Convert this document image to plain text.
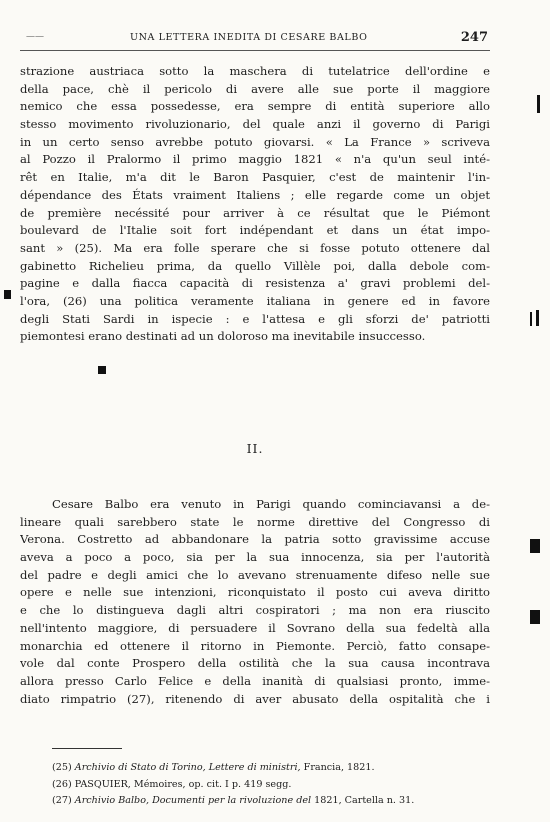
——	UNA LETTERA INEDITA DI CESARE BALBO	247
strazione austriaca sotto la maschera di tutelatrice dell'ordine e
della pace, chè il pericolo di avere alle sue porte il maggiore
nemico che essa possedesse, era sempre di entità superiore allo
stesso movimento rivoluzionario, del quale anzi il governo di Parigi
in un certo senso avrebbe potuto giovarsi. « La France » scriveva
al Pozzo il Pralormo il primo maggio 1821 « n'a qu'un seul inté-
rêt en Italie, m'a dit le Baron Pasquier, c'est de maintenir l'in-
dépendance des États vraiment Italiens ; elle regarde come un objet
de première necéssité pour arriver à ce résultat que le Piémont
boulevard de l'Italie soit fort indépendant et dans un état impo-
sant » (25). Ma era folle sperare che si fosse potuto ottenere dal
gabinetto Richelieu prima, da quello Villèle poi, dalla debole com-
pagine e dalla fiacca capacità di resistenza a' gravi problemi del-
l'ora, (26) una politica veramente italiana in genere ed in favore
degli Stati Sardi in ispecie : e l'attesa e gli sforzi de' patriotti
piemontesi erano destinati ad un doloroso ma inevitabile insuccesso.
II.
Cesare Balbo era venuto in Parigi quando cominciavansi a de-
lineare quali sarebbero state le norme direttive del Congresso di
Verona. Costretto ad abbandonare la patria sotto gravissime accuse
aveva a poco a poco, sia per la sua innocenza, sia per l'autorità
del padre e degli amici che lo avevano strenuamente difeso nelle sue
opere e nelle sue intenzioni, riconquistato il posto cui aveva diritto
e che lo distingueva dagli altri cospiratori ; ma non era riuscito
nell'intento maggiore, di persuadere il Sovrano della sua fedeltà alla
monarchia ed ottenere il ritorno in Piemonte. Perciò, fatto consape-
vole dal conte Prospero della ostilità che la sua causa incontrava
allora presso Carlo Felice e della inanità di qualsiasi pronto, imme-
diato rimpatrio (27), ritenendo di aver abusato della ospitalità che i
(25) Archivio di Stato di Torino, Lettere di ministri, Francia, 1821.
(26) PASQUIER, Mémoires, op. cit. I p. 419 segg.
(27) Archivio Balbo, Documenti per la rivoluzione del 1821, Cartella n. 31.
